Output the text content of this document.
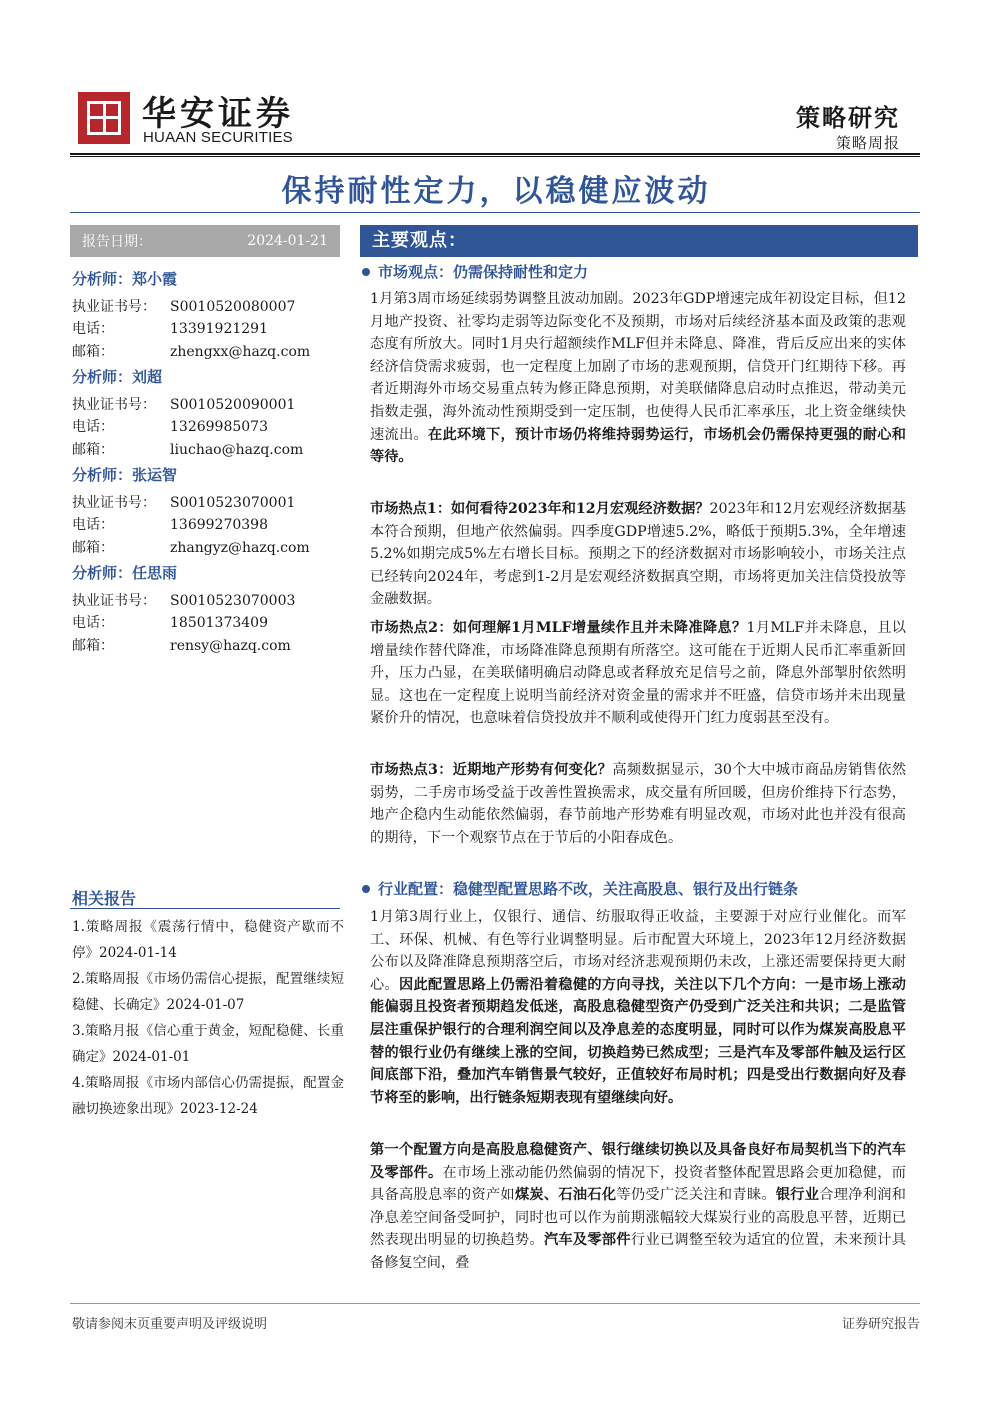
华安证券
HUAAN SECURITIES
策略研究
策略周报
保持耐性定力，以稳健应波动
报告日期：	2024-01-21
分析师：郑小霞
执业证书号： S0010520080007
电话：	13391921291
邮箱：	zhengxx@hazq.com
分析师：刘超
执业证书号： S0010520090001
电话：	13269985073
邮箱：	liuchao@hazq.com
分析师：张运智
执业证书号： S0010523070001
电话：	13699270398
邮箱：	zhangyz@hazq.com
分析师：任思雨
执业证书号： S0010523070003
电话：	18501373409
邮箱：	rensy@hazq.com
相关报告
1.策略周报《震荡行情中，稳健资产歇而不停》2024-01-14
2.策略周报《市场仍需信心提振，配置继续短稳健、长确定》2024-01-07
3.策略月报《信心重于黄金，短配稳健、长重确定》2024-01-01
4.策略周报《市场内部信心仍需提振，配置金融切换迹象出现》2023-12-24
主要观点：
市场观点：仍需保持耐性和定力
1月第3周市场延续弱势调整且波动加剧。2023年GDP增速完成年初设定目标，但12月地产投资、社零均走弱等边际变化不及预期，市场对后续经济基本面及政策的悲观态度有所放大。同时1月央行超额续作MLF但并未降息、降准，背后反应出来的实体经济信贷需求疲弱，也一定程度上加剧了市场的悲观预期，信贷开门红期待下移。再者近期海外市场交易重点转为修正降息预期，对美联储降息启动时点推迟，带动美元指数走强，海外流动性预期受到一定压制，也使得人民币汇率承压，北上资金继续快速流出。在此环境下，预计市场仍将维持弱势运行，市场机会仍需保持更强的耐心和等待。
市场热点1：如何看待2023年和12月宏观经济数据？2023年和12月宏观经济数据基本符合预期，但地产依然偏弱。四季度GDP增速5.2%，略低于预期5.3%，全年增速5.2%如期完成5%左右增长目标。预期之下的经济数据对市场影响较小，市场关注点已经转向2024年，考虑到1-2月是宏观经济数据真空期，市场将更加关注信贷投放等金融数据。
市场热点2：如何理解1月MLF增量续作且并未降准降息？1月MLF并未降息，且以增量续作替代降准，市场降准降息预期有所落空。这可能在于近期人民币汇率重新回升，压力凸显，在美联储明确启动降息或者释放充足信号之前，降息外部掣肘依然明显。这也在一定程度上说明当前经济对资金量的需求并不旺盛，信贷市场并未出现量紧价升的情况，也意味着信贷投放并不顺利或使得开门红力度弱甚至没有。
市场热点3：近期地产形势有何变化？高频数据显示，30个大中城市商品房销售依然弱势，二手房市场受益于改善性置换需求，成交量有所回暖，但房价维持下行态势，地产企稳内生动能依然偏弱，春节前地产形势难有明显改观，市场对此也并没有很高的期待，下一个观察节点在于节后的小阳春成色。
行业配置：稳健型配置思路不改，关注高股息、银行及出行链条
1月第3周行业上，仅银行、通信、纺服取得正收益，主要源于对应行业催化。而军工、环保、机械、有色等行业调整明显。后市配置大环境上，2023年12月经济数据公布以及降准降息预期落空后，市场对经济悲观预期仍未改，上涨还需要保持更大耐心。因此配置思路上仍需沿着稳健的方向寻找，关注以下几个方向：一是市场上涨动能偏弱且投资者预期趋发低迷，高股息稳健型资产仍受到广泛关注和共识；二是监管层注重保护银行的合理利润空间以及净息差的态度明显，同时可以作为煤炭高股息平替的银行业仍有继续上涨的空间，切换趋势已然成型；三是汽车及零部件触及运行区间底部下沿，叠加汽车销售景气较好，正值较好布局时机；四是受出行数据向好及春节将至的影响，出行链条短期表现有望继续向好。
第一个配置方向是高股息稳健资产、银行继续切换以及具备良好布局契机当下的汽车及零部件。在市场上涨动能仍然偏弱的情况下，投资者整体配置思路会更加稳健，而具备高股息率的资产如煤炭、石油石化等仍受广泛关注和青睐。银行业合理净利润和净息差空间备受呵护，同时也可以作为前期涨幅较大煤炭行业的高股息平替，近期已然表现出明显的切换趋势。汽车及零部件行业已调整至较为适宜的位置，未来预计具备修复空间，叠
敬请参阅末页重要声明及评级说明	证券研究报告
